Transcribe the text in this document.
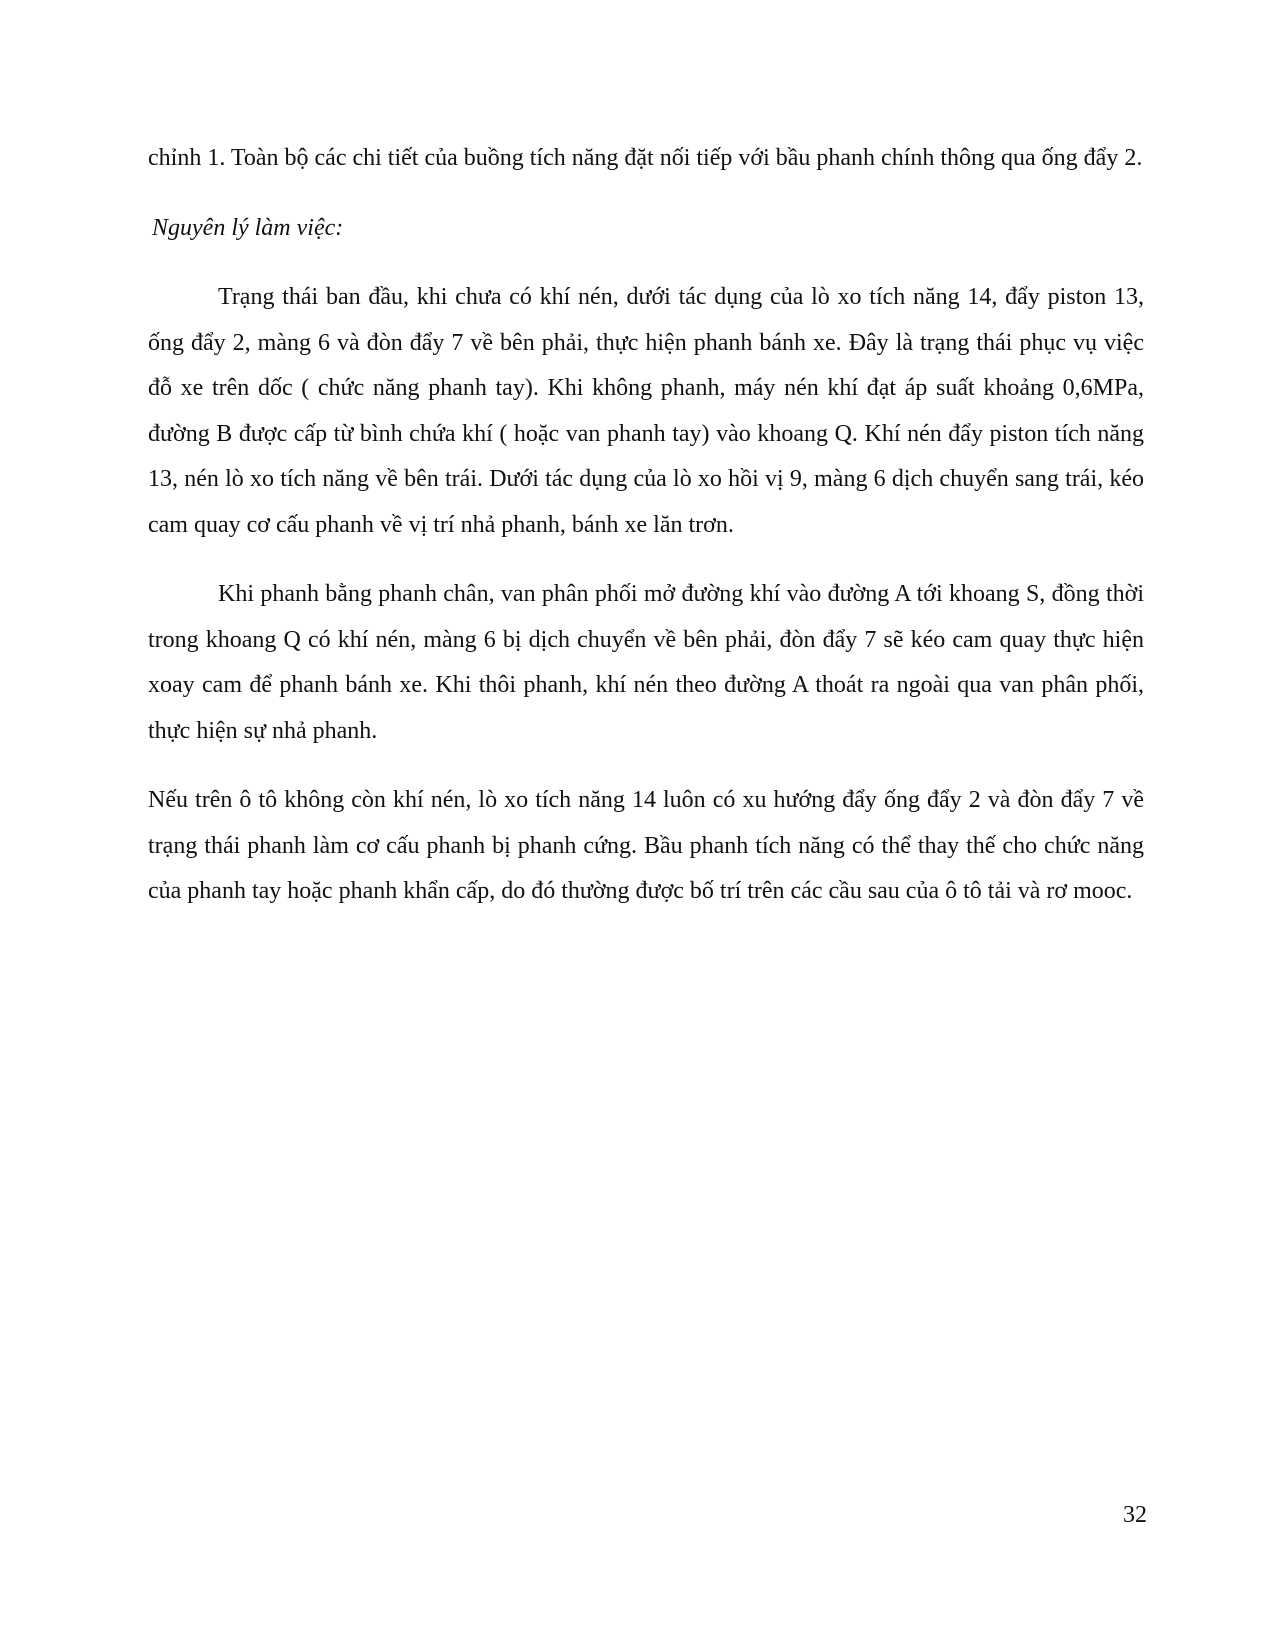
chỉnh 1. Toàn bộ các chi tiết của buồng tích năng đặt nối tiếp với bầu phanh chính thông qua ống đẩy 2.

Nguyên lý làm việc:

Trạng thái ban đầu, khi chưa có khí nén, dưới tác dụng của lò xo tích năng 14, đẩy piston 13, ống đẩy 2, màng 6 và đòn đẩy 7 về bên phải, thực hiện phanh bánh xe. Đây là trạng thái phục vụ việc đỗ xe trên dốc ( chức năng phanh tay). Khi không phanh, máy nén khí đạt áp suất khoảng 0,6MPa, đường B được cấp từ bình chứa khí ( hoặc van phanh tay) vào khoang Q. Khí nén đẩy piston tích năng 13, nén lò xo tích năng về bên trái. Dưới tác dụng của lò xo hồi vị 9, màng 6 dịch chuyển sang trái, kéo cam quay cơ cấu phanh về vị trí nhả phanh, bánh xe lăn trơn.

Khi phanh bằng phanh chân, van phân phối mở đường khí vào đường A tới khoang S, đồng thời trong khoang Q có khí nén, màng 6 bị dịch chuyển về bên phải, đòn đẩy 7 sẽ kéo cam quay thực hiện xoay cam để phanh bánh xe. Khi thôi phanh, khí nén theo đường A thoát ra ngoài qua van phân phối, thực hiện sự nhả phanh.

Nếu trên ô tô không còn khí nén, lò xo tích năng 14 luôn có xu hướng đẩy ống đẩy 2 và đòn đẩy 7 về trạng thái phanh làm cơ cấu phanh bị phanh cứng. Bầu phanh tích năng có thể thay thế cho chức năng của phanh tay hoặc phanh khẩn cấp, do đó thường được bố trí trên các cầu sau của ô tô tải và rơ mooc.

32
